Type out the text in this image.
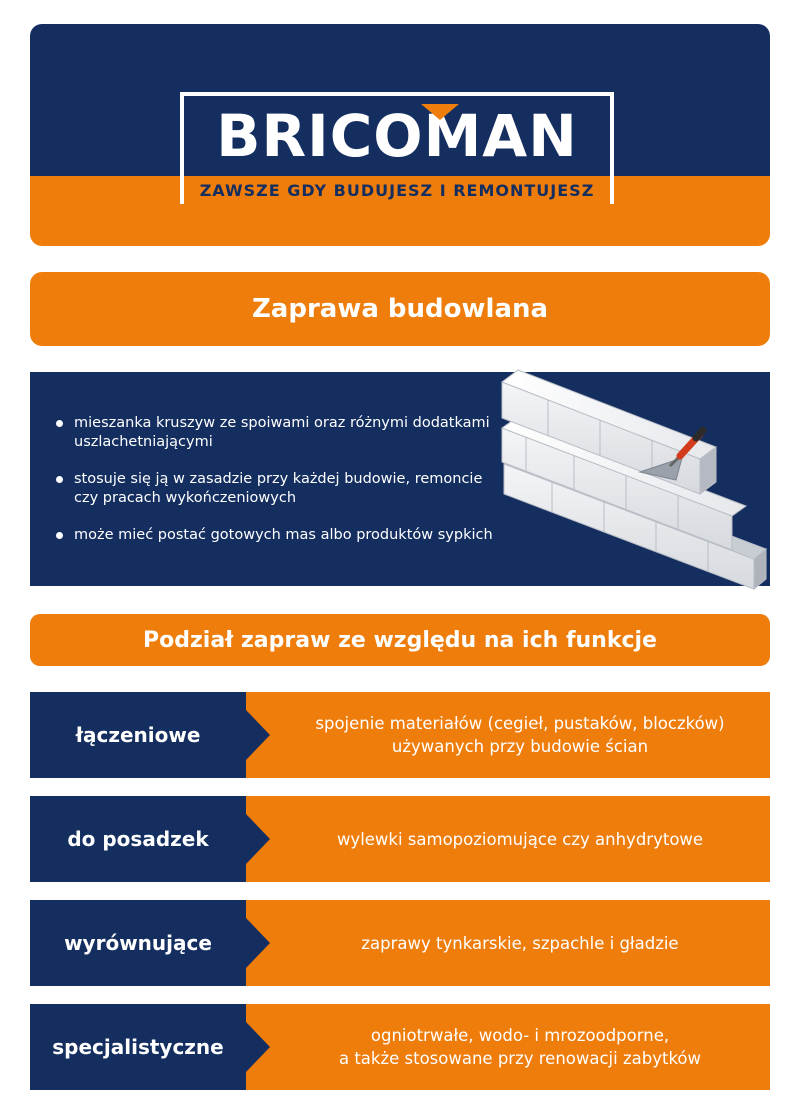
BRICOMAN
ZAWSZE GDY BUDUJESZ I REMONTUJESZ
Zaprawa budowlana
mieszanka kruszyw ze spoiwami oraz różnymi dodatkami uszlachetniającymi
stosuje się ją w zasadzie przy każdej budowie, remoncie czy pracach wykończeniowych
może mieć postać gotowych mas albo produktów sypkich
Podział zapraw ze względu na ich funkcje
łączeniowe	spojenie materiałów (cegieł, pustaków, bloczków)
używanych przy budowie ścian
do posadzek	wylewki samopoziomujące czy anhydrytowe
wyrównujące	zaprawy tynkarskie, szpachle i gładzie
specjalistyczne	ogniotrwałe, wodo- i mrozoodporne,
a także stosowane przy renowacji zabytków
